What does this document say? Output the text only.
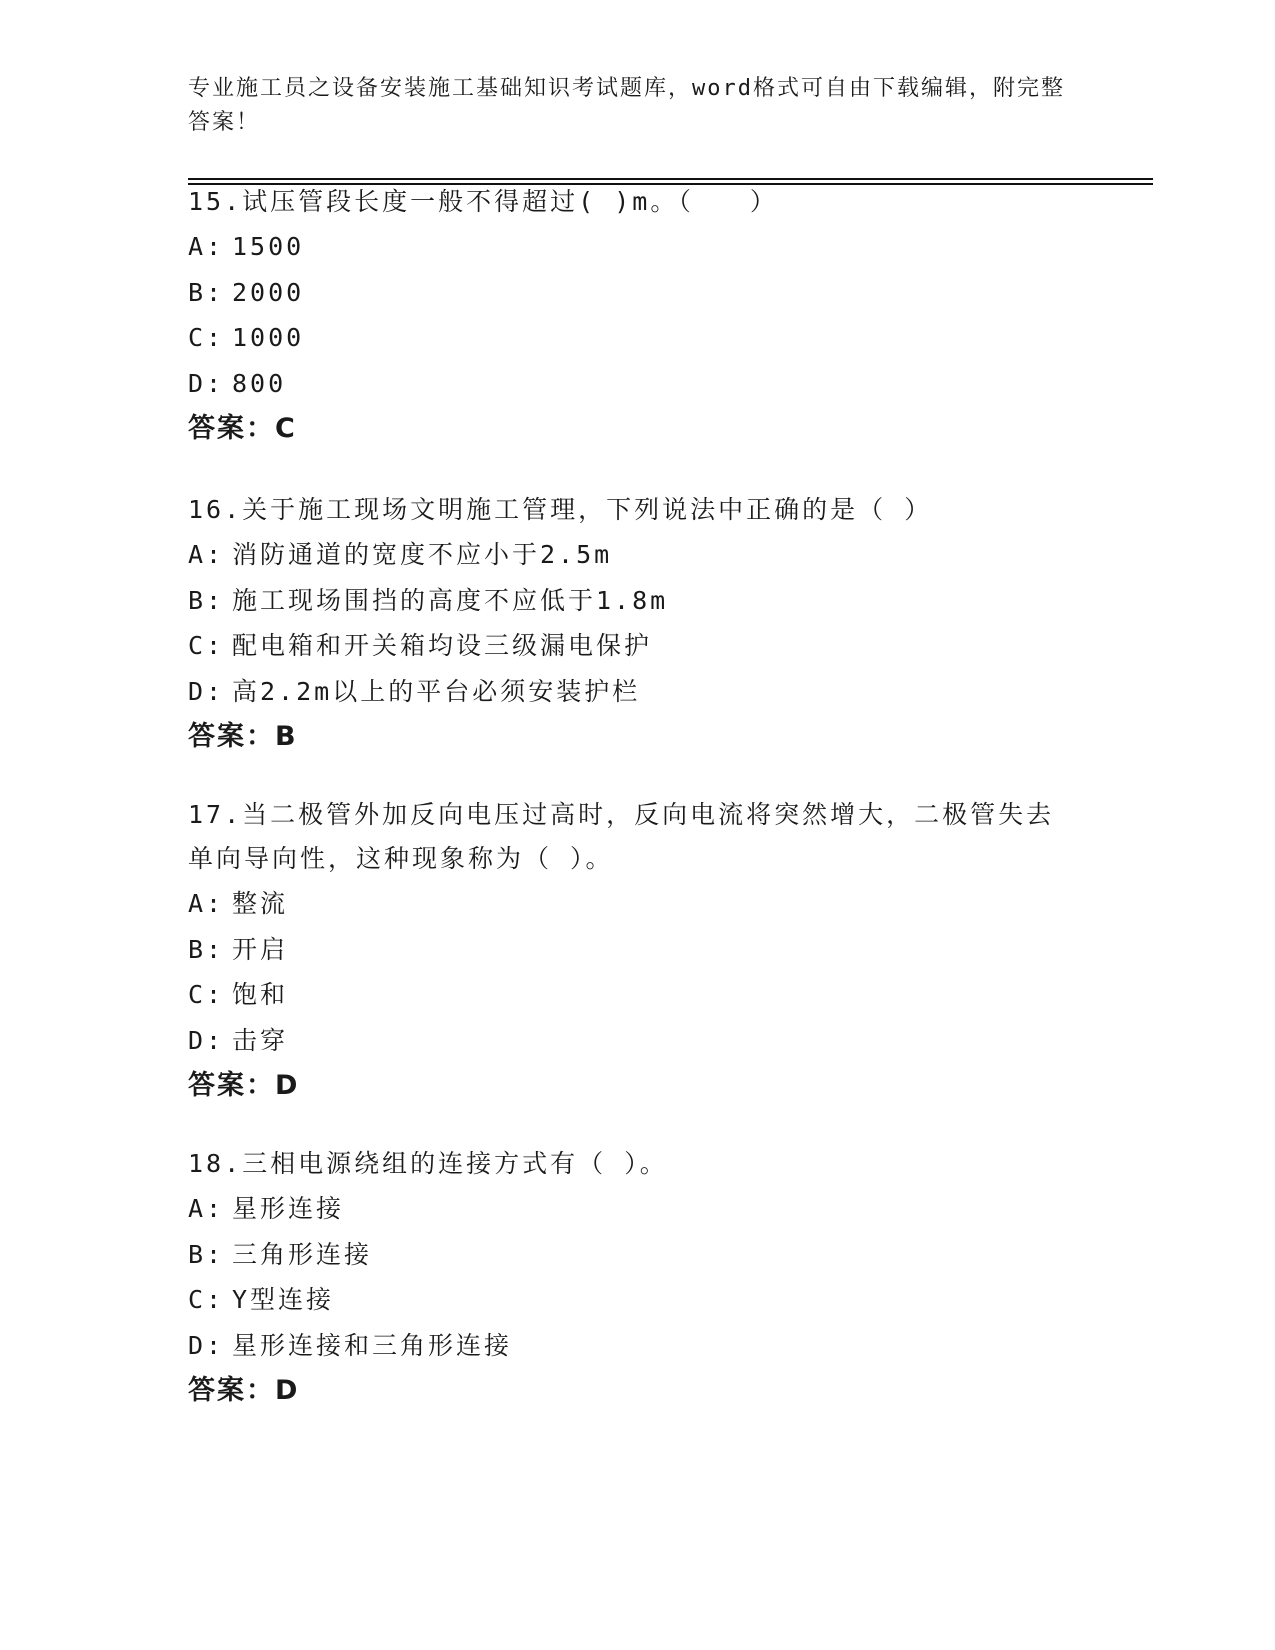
专业施工员之设备安装施工基础知识考试题库，word格式可自由下载编辑，附完整答案！

15.试压管段长度一般不得超过( )m。（　　）

A: 1500

B: 2000

C: 1000

D: 800

答案：C

16.关于施工现场文明施工管理，下列说法中正确的是（ ）

A: 消防通道的宽度不应小于2.5m

B: 施工现场围挡的高度不应低于1.8m

C: 配电箱和开关箱均设三级漏电保护

D: 高2.2m以上的平台必须安装护栏

答案：B

17.当二极管外加反向电压过高时，反向电流将突然增大，二极管失去单向导向性，这种现象称为（ ）。

A: 整流

B: 开启

C: 饱和

D: 击穿

答案：D

18.三相电源绕组的连接方式有（ ）。

A: 星形连接

B: 三角形连接

C: Y型连接

D: 星形连接和三角形连接

答案：D
